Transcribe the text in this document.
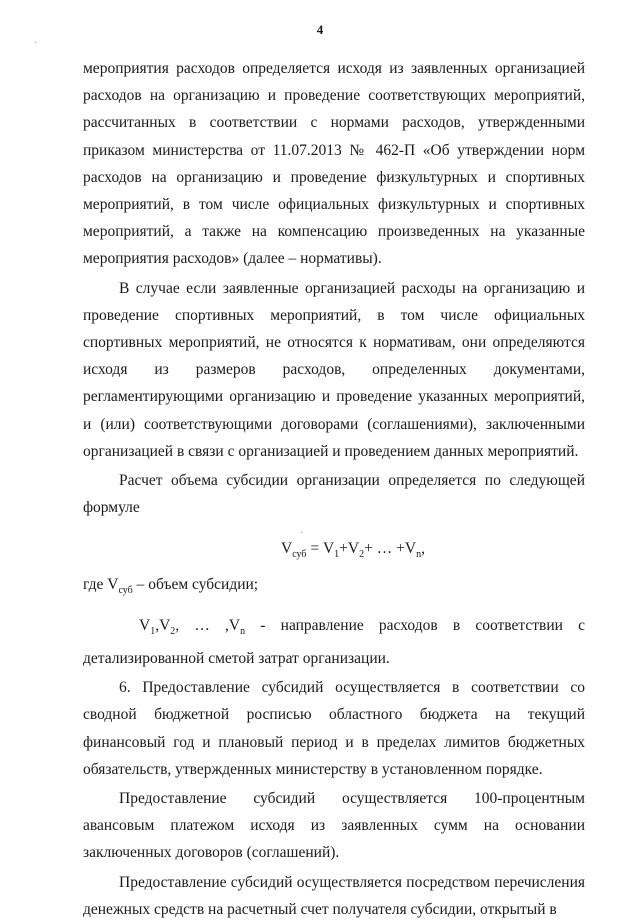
4

мероприятия расходов определяется исходя из заявленных организацией расходов на организацию и проведение соответствующих мероприятий, рассчитанных в соответствии с нормами расходов, утвержденными приказом министерства от 11.07.2013 № 462-П «Об утверждении норм расходов на организацию и проведение физкультурных и спортивных мероприятий, в том числе официальных физкультурных и спортивных мероприятий, а также на компенсацию произведенных на указанные мероприятия расходов» (далее – нормативы).

В случае если заявленные организацией расходы на организацию и проведение спортивных мероприятий, в том числе официальных спортивных мероприятий, не относятся к нормативам, они определяются исходя из размеров расходов, определенных документами, регламентирующими организацию и проведение указанных мероприятий, и (или) соответствующими договорами (соглашениями), заключенными организацией в связи с организацией и проведением данных мероприятий.

Расчет объема субсидии организации определяется по следующей формуле

$V_{суб} = V_1+V_2+$ … $+V_n$,

где $V_{суб}$ – объем субсидии;

$V_1,V_2$, … $,V_n$ - направление расходов в соответствии с детализированной сметой затрат организации.

6. Предоставление субсидий осуществляется в соответствии со сводной бюджетной росписью областного бюджета на текущий финансовый год и плановый период и в пределах лимитов бюджетных обязательств, утвержденных министерству в установленном порядке.

Предоставление субсидий осуществляется 100-процентным авансовым платежом исходя из заявленных сумм на основании заключенных договоров (соглашений).

Предоставление субсидий осуществляется посредством перечисления денежных средств на расчетный счет получателя субсидии, открытый в

·
·
